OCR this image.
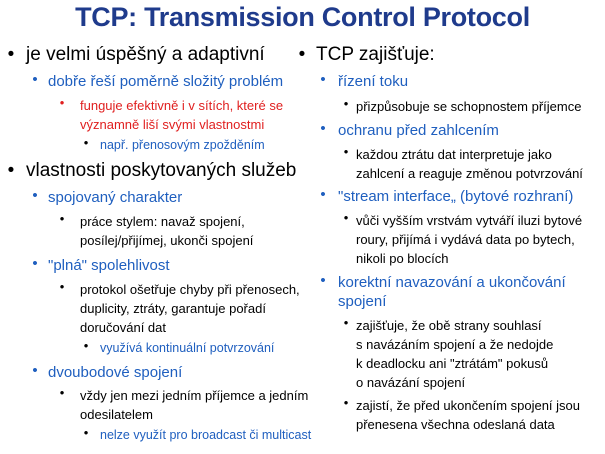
TCP: Transmission Control Protocol
• je velmi úspěšný a adaptivní
• dobře řeší poměrně složitý problém
• funguje efektivně i v sítích, které se
významně liší svými vlastnostmi
• např. přenosovým zpožděním
• vlastnosti poskytovaných služeb
• spojovaný charakter
• práce stylem: navaž spojení,
posílej/přijímej, ukonči spojení
• "plná" spolehlivost
• protokol ošetřuje chyby při přenosech,
duplicity, ztráty, garantuje pořadí
doručování dat
• využívá kontinuální potvrzování
• dvoubodové spojení
• vždy jen mezi jedním příjemce a jedním
odesilatelem
• nelze využít pro broadcast či multicast
• TCP zajišťuje:
• řízení toku
• přizpůsobuje se schopnostem příjemce
• ochranu před zahlcením
• každou ztrátu dat interpretuje jako
zahlcení a reaguje změnou potvrzování
• "stream interface„ (bytové rozhraní)
• vůči vyšším vrstvám vytváří iluzi bytové
roury, přijímá i vydává data po bytech,
nikoli po blocích
• korektní navazování a ukončování
spojení
• zajišťuje, že obě strany souhlasí
s navázáním spojení a že nedojde
k deadlocku ani "ztrátám" pokusů
o navázání spojení
• zajistí, že před ukončením spojení jsou
přenesena všechna odeslaná data
